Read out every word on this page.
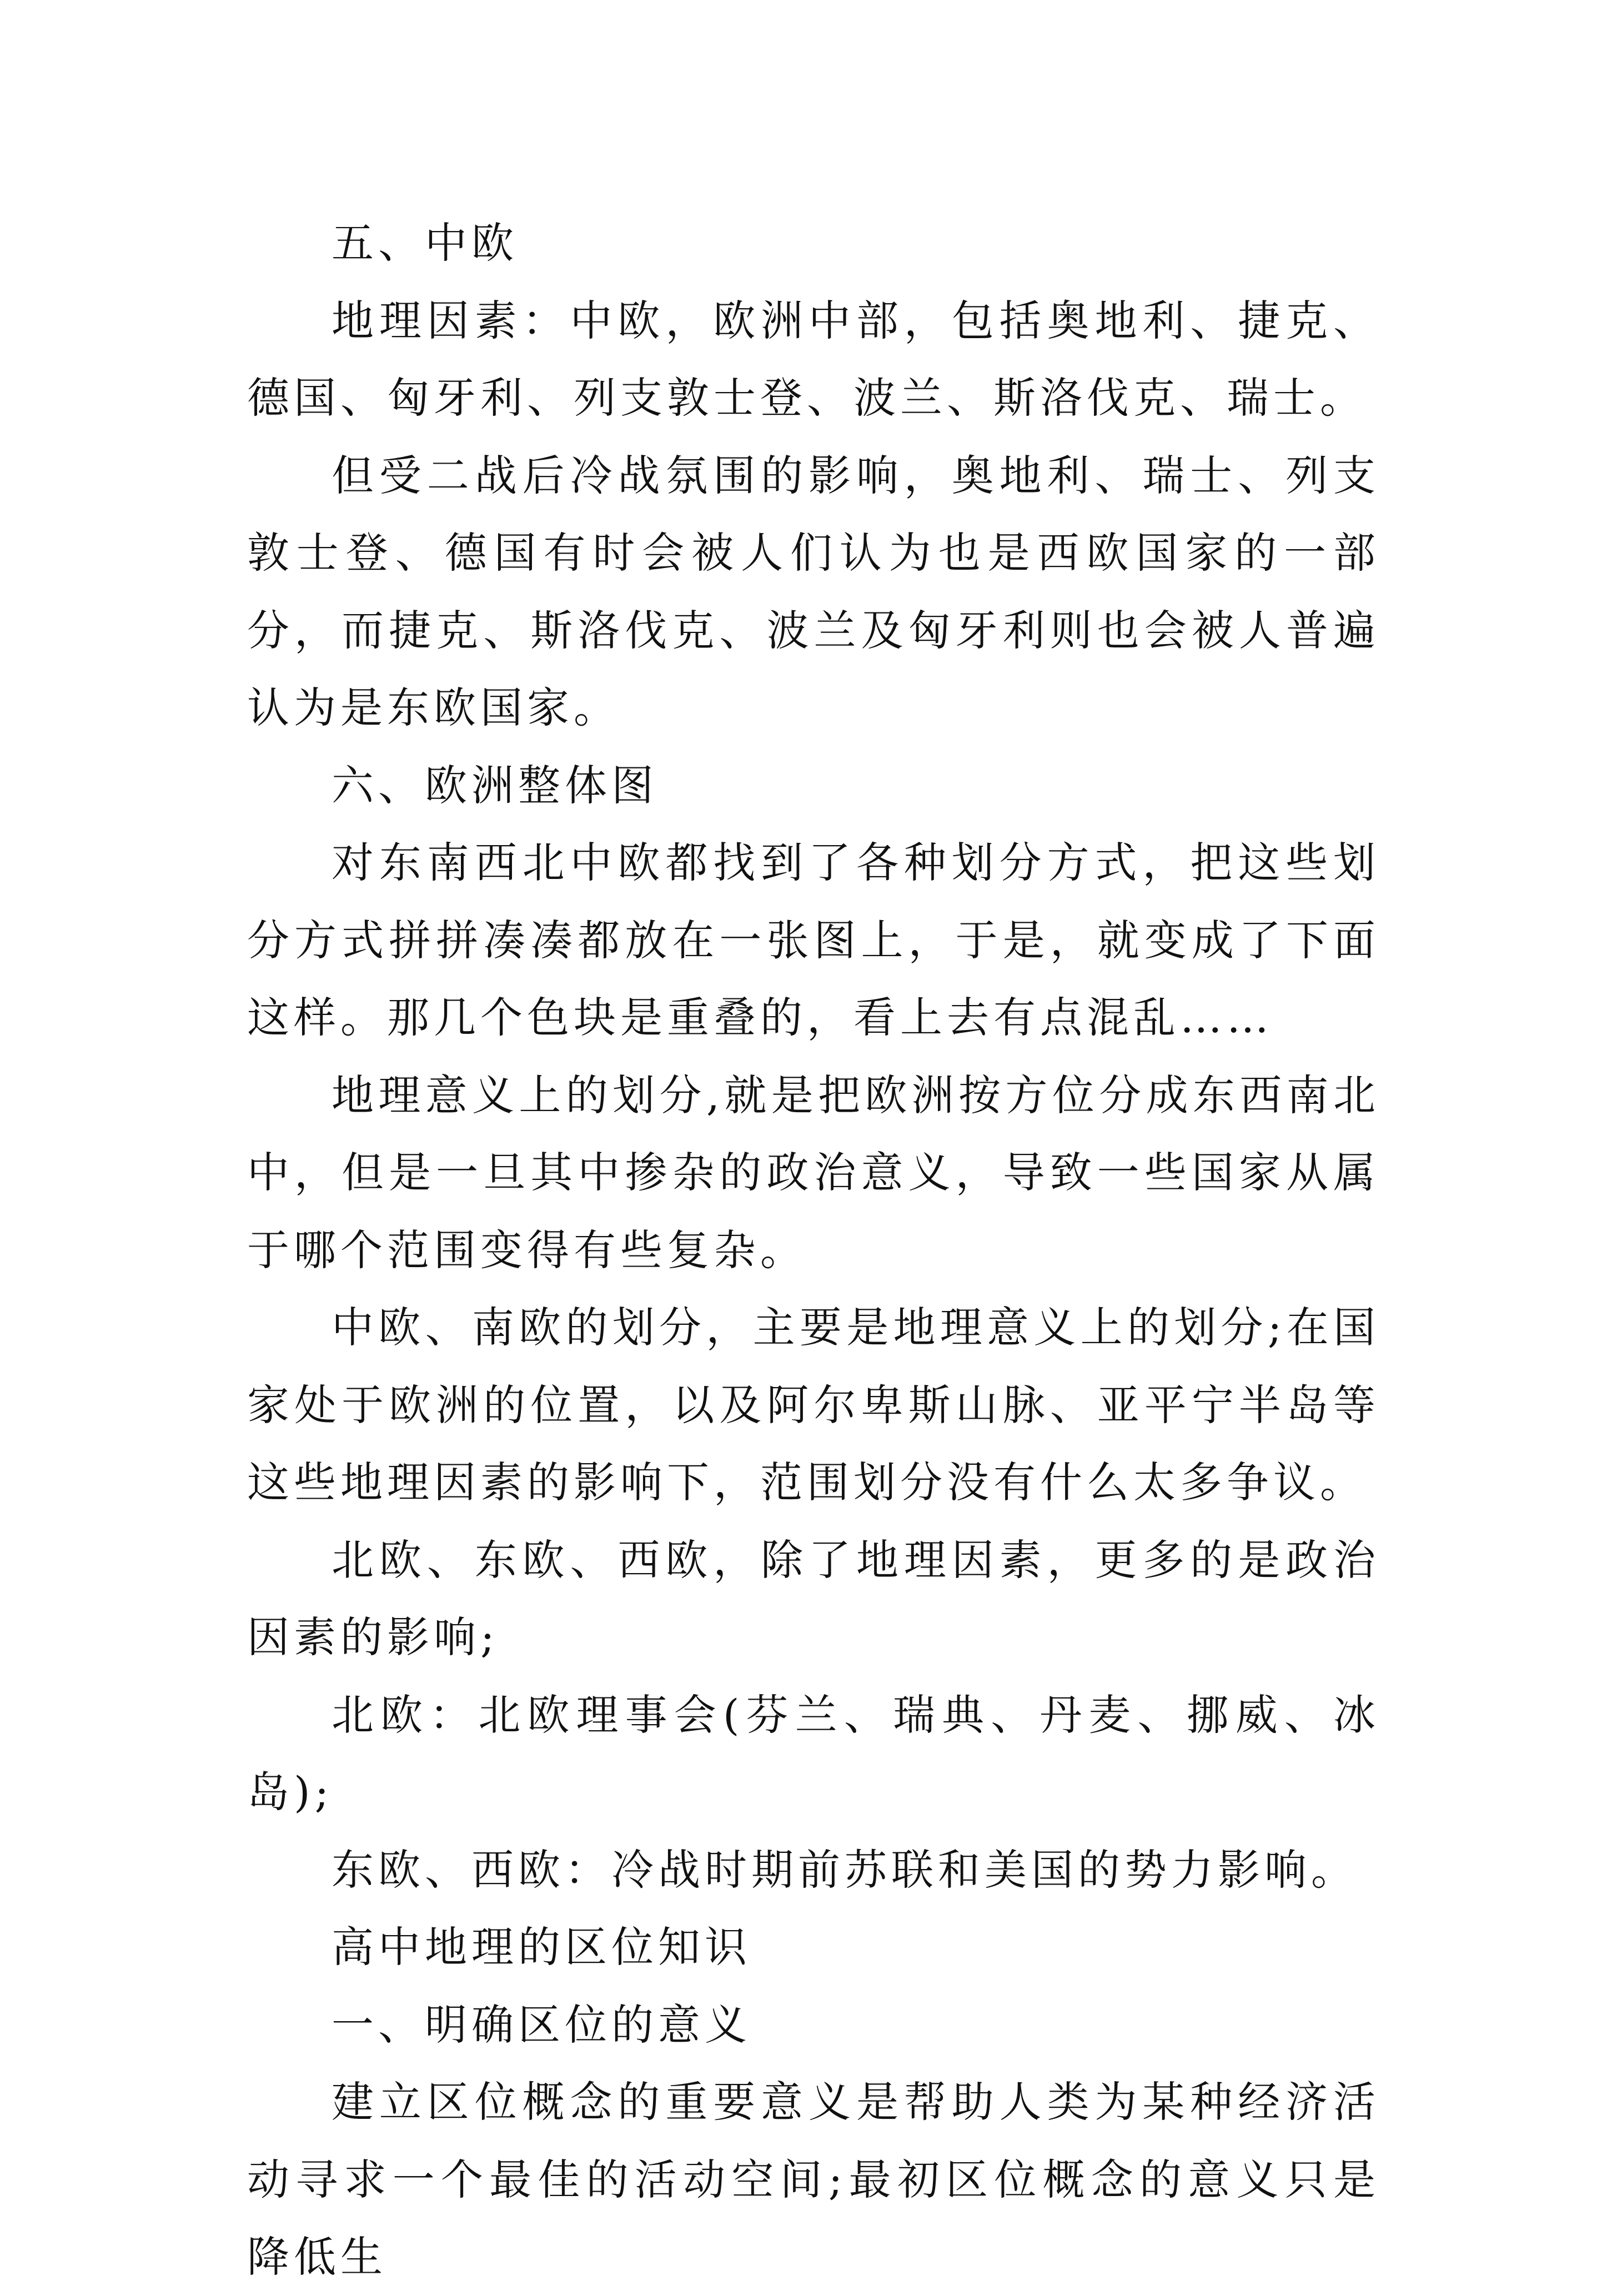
五、中欧

地理因素：中欧，欧洲中部，包括奥地利、捷克、德国、匈牙利、列支敦士登、波兰、斯洛伐克、瑞士。

但受二战后冷战氛围的影响，奥地利、瑞士、列支敦士登、德国有时会被人们认为也是西欧国家的一部分，而捷克、斯洛伐克、波兰及匈牙利则也会被人普遍认为是东欧国家。

六、欧洲整体图

对东南西北中欧都找到了各种划分方式，把这些划分方式拼拼凑凑都放在一张图上，于是，就变成了下面这样。那几个色块是重叠的，看上去有点混乱……

地理意义上的划分,就是把欧洲按方位分成东西南北中，但是一旦其中掺杂的政治意义，导致一些国家从属于哪个范围变得有些复杂。

中欧、南欧的划分，主要是地理意义上的划分;在国家处于欧洲的位置，以及阿尔卑斯山脉、亚平宁半岛等这些地理因素的影响下，范围划分没有什么太多争议。

北欧、东欧、西欧，除了地理因素，更多的是政治因素的影响;

北欧：北欧理事会(芬兰、瑞典、丹麦、挪威、冰岛);

东欧、西欧：冷战时期前苏联和美国的势力影响。

高中地理的区位知识

一、明确区位的意义

建立区位概念的重要意义是帮助人类为某种经济活动寻求一个最佳的活动空间;最初区位概念的意义只是降低生
